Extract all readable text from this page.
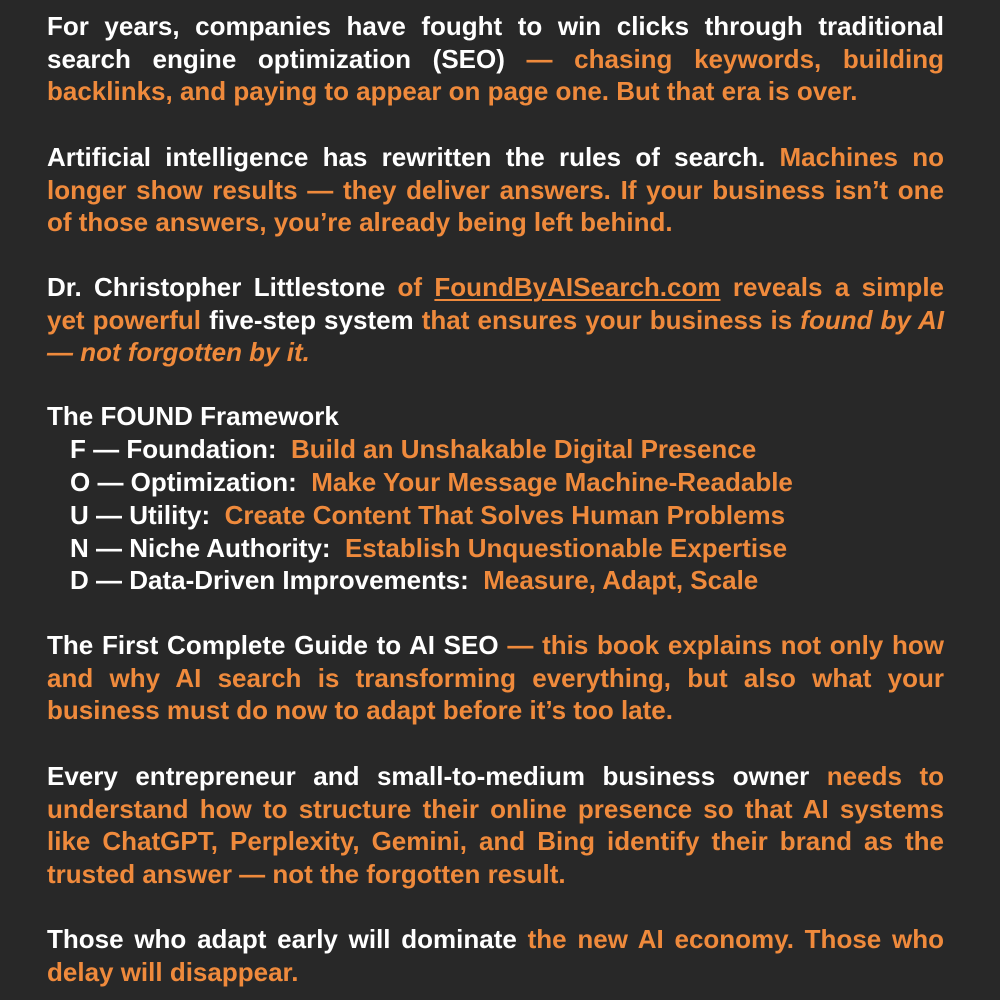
For years, companies have fought to win clicks through traditional search engine optimization (SEO) — chasing keywords, building backlinks, and paying to appear on page one. But that era is over.

Artificial intelligence has rewritten the rules of search. Machines no longer show results — they deliver answers. If your business isn’t one of those answers, you’re already being left behind.

Dr. Christopher Littlestone of FoundByAISearch.com reveals a simple yet powerful five-step system that ensures your business is found by AI — not forgotten by it.

The FOUND Framework

F — Foundation: Build an Unshakable Digital Presence

O — Optimization: Make Your Message Machine-Readable

U — Utility: Create Content That Solves Human Problems

N — Niche Authority: Establish Unquestionable Expertise

D — Data-Driven Improvements: Measure, Adapt, Scale

The First Complete Guide to AI SEO — this book explains not only how and why AI search is transforming everything, but also what your business must do now to adapt before it’s too late.

Every entrepreneur and small-to-medium business owner needs to understand how to structure their online presence so that AI systems like ChatGPT, Perplexity, Gemini, and Bing identify their brand as the trusted answer — not the forgotten result.

Those who adapt early will dominate the new AI economy. Those who delay will disappear.
